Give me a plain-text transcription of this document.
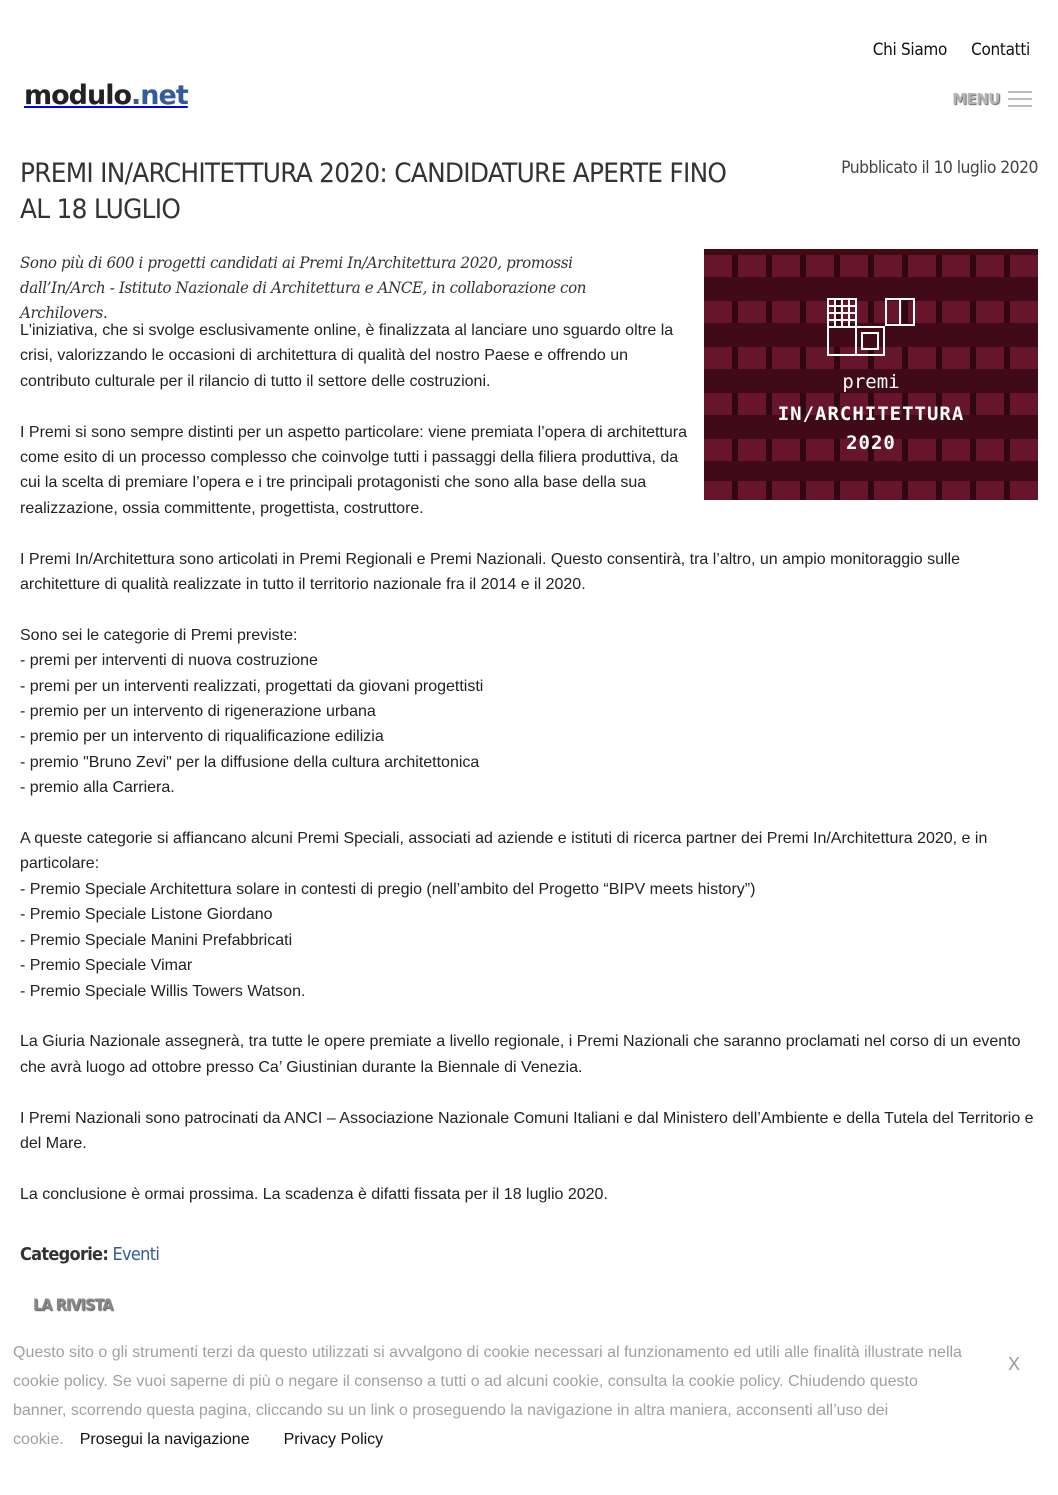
Chi Siamo Contatti
modulo.net	MENU
PREMI IN/ARCHITETTURA 2020: CANDIDATURE APERTE FINO AL 18 LUGLIO
Pubblicato il 10 luglio 2020
premi
IN/ARCHITETTURA
2020

Sono più di 600 i progetti candidati ai Premi In/Architettura 2020, promossi dall’In/Arch - Istituto Nazionale di Architettura e ANCE, in collaborazione con Archilovers.

L'iniziativa, che si svolge esclusivamente online, è finalizzata al lanciare uno sguardo oltre la crisi, valorizzando le occasioni di architettura di qualità del nostro Paese e offrendo un contributo culturale per il rilancio di tutto il settore delle costruzioni.

I Premi si sono sempre distinti per un aspetto particolare: viene premiata l’opera di architettura come esito di un processo complesso che coinvolge tutti i passaggi della filiera produttiva, da cui la scelta di premiare l’opera e i tre principali protagonisti che sono alla base della sua realizzazione, ossia committente, progettista, costruttore.

I Premi In/Architettura sono articolati in Premi Regionali e Premi Nazionali. Questo consentirà, tra l’altro, un ampio monitoraggio sulle architetture di qualità realizzate in tutto il territorio nazionale fra il 2014 e il 2020.

Sono sei le categorie di Premi previste:
- premi per interventi di nuova costruzione
- premi per un interventi realizzati, progettati da giovani progettisti
- premio per un intervento di rigenerazione urbana
- premio per un intervento di riqualificazione edilizia
- premio "Bruno Zevi" per la diffusione della cultura architettonica
- premio alla Carriera.

A queste categorie si affiancano alcuni Premi Speciali, associati ad aziende e istituti di ricerca partner dei Premi In/Architettura 2020, e in particolare:
- Premio Speciale Architettura solare in contesti di pregio (nell’ambito del Progetto “BIPV meets history”)
- Premio Speciale Listone Giordano
- Premio Speciale Manini Prefabbricati
- Premio Speciale Vimar
- Premio Speciale Willis Towers Watson.

La Giuria Nazionale assegnerà, tra tutte le opere premiate a livello regionale, i Premi Nazionali che saranno proclamati nel corso di un evento che avrà luogo ad ottobre presso Ca’ Giustinian durante la Biennale di Venezia.

I Premi Nazionali sono patrocinati da ANCI – Associazione Nazionale Comuni Italiani e dal Ministero dell’Ambiente e della Tutela del Territorio e del Mare.

La conclusione è ormai prossima. La scadenza è difatti fissata per il 18 luglio 2020.

Categorie: Eventi
LA RIVISTA
Questo sito o gli strumenti terzi da questo utilizzati si avvalgono di cookie necessari al funzionamento ed utili alle finalità illustrate nella cookie policy. Se vuoi saperne di più o negare il consenso a tutti o ad alcuni cookie, consulta la cookie policy. Chiudendo questo banner, scorrendo questa pagina, cliccando su un link o proseguendo la navigazione in altra maniera, acconsenti all’uso dei cookie. Prosegui la navigazione Privacy Policy
X
